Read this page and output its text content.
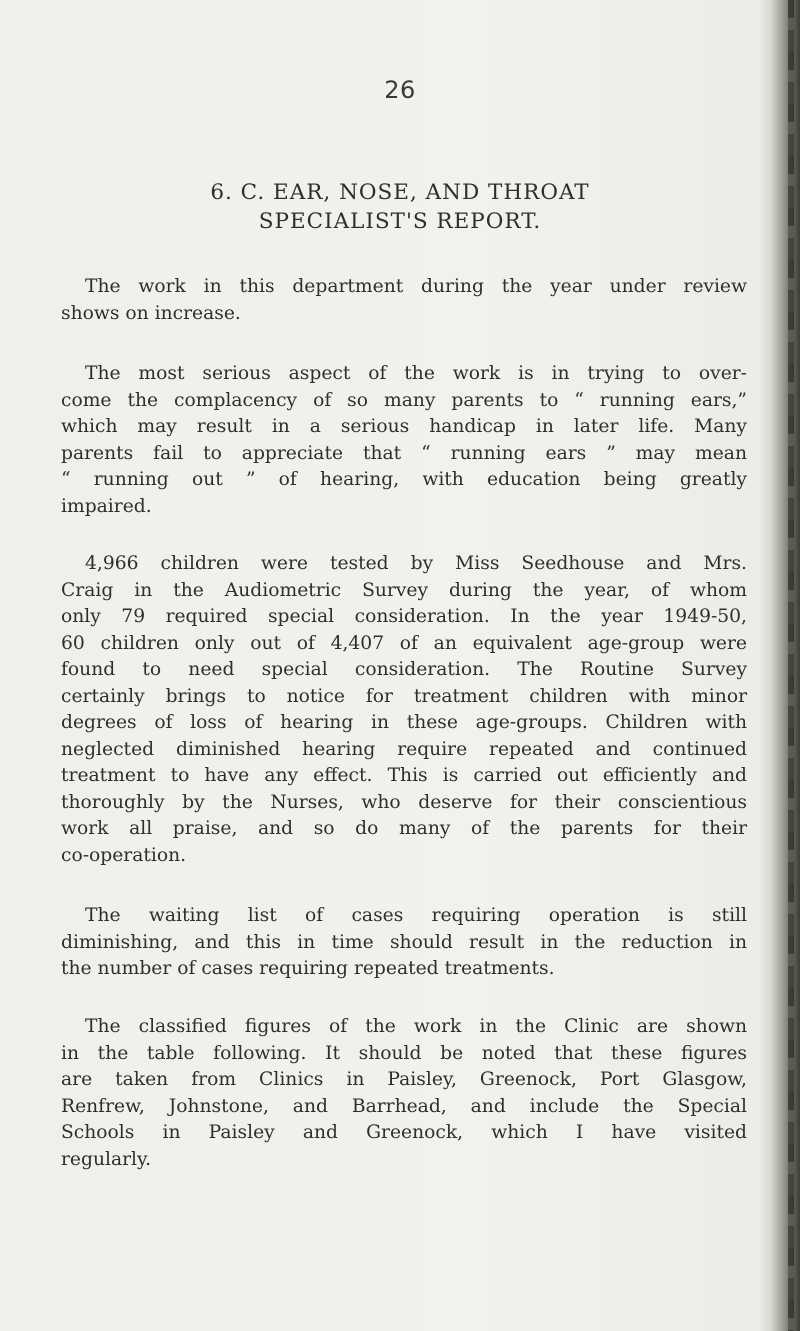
26
6. C. EAR, NOSE, AND THROAT
SPECIALIST'S REPORT.
The work in this department during the year under review
shows on increase.
The most serious aspect of the work is in trying to over-
come the complacency of so many parents to “ running ears,”
which may result in a serious handicap in later life. Many
parents fail to appreciate that “ running ears ” may mean
“ running out ” of hearing, with education being greatly
impaired.
4,966 children were tested by Miss Seedhouse and Mrs.
Craig in the Audiometric Survey during the year, of whom
only 79 required special consideration. In the year 1949-50,
60 children only out of 4,407 of an equivalent age-group were
found to need special consideration. The Routine Survey
certainly brings to notice for treatment children with minor
degrees of loss of hearing in these age-groups. Children with
neglected diminished hearing require repeated and continued
treatment to have any effect. This is carried out efficiently and
thoroughly by the Nurses, who deserve for their conscientious
work all praise, and so do many of the parents for their
co-operation.
The waiting list of cases requiring operation is still
diminishing, and this in time should result in the reduction in
the number of cases requiring repeated treatments.
The classified figures of the work in the Clinic are shown
in the table following. It should be noted that these figures
are taken from Clinics in Paisley, Greenock, Port Glasgow,
Renfrew, Johnstone, and Barrhead, and include the Special
Schools in Paisley and Greenock, which I have visited
regularly.
